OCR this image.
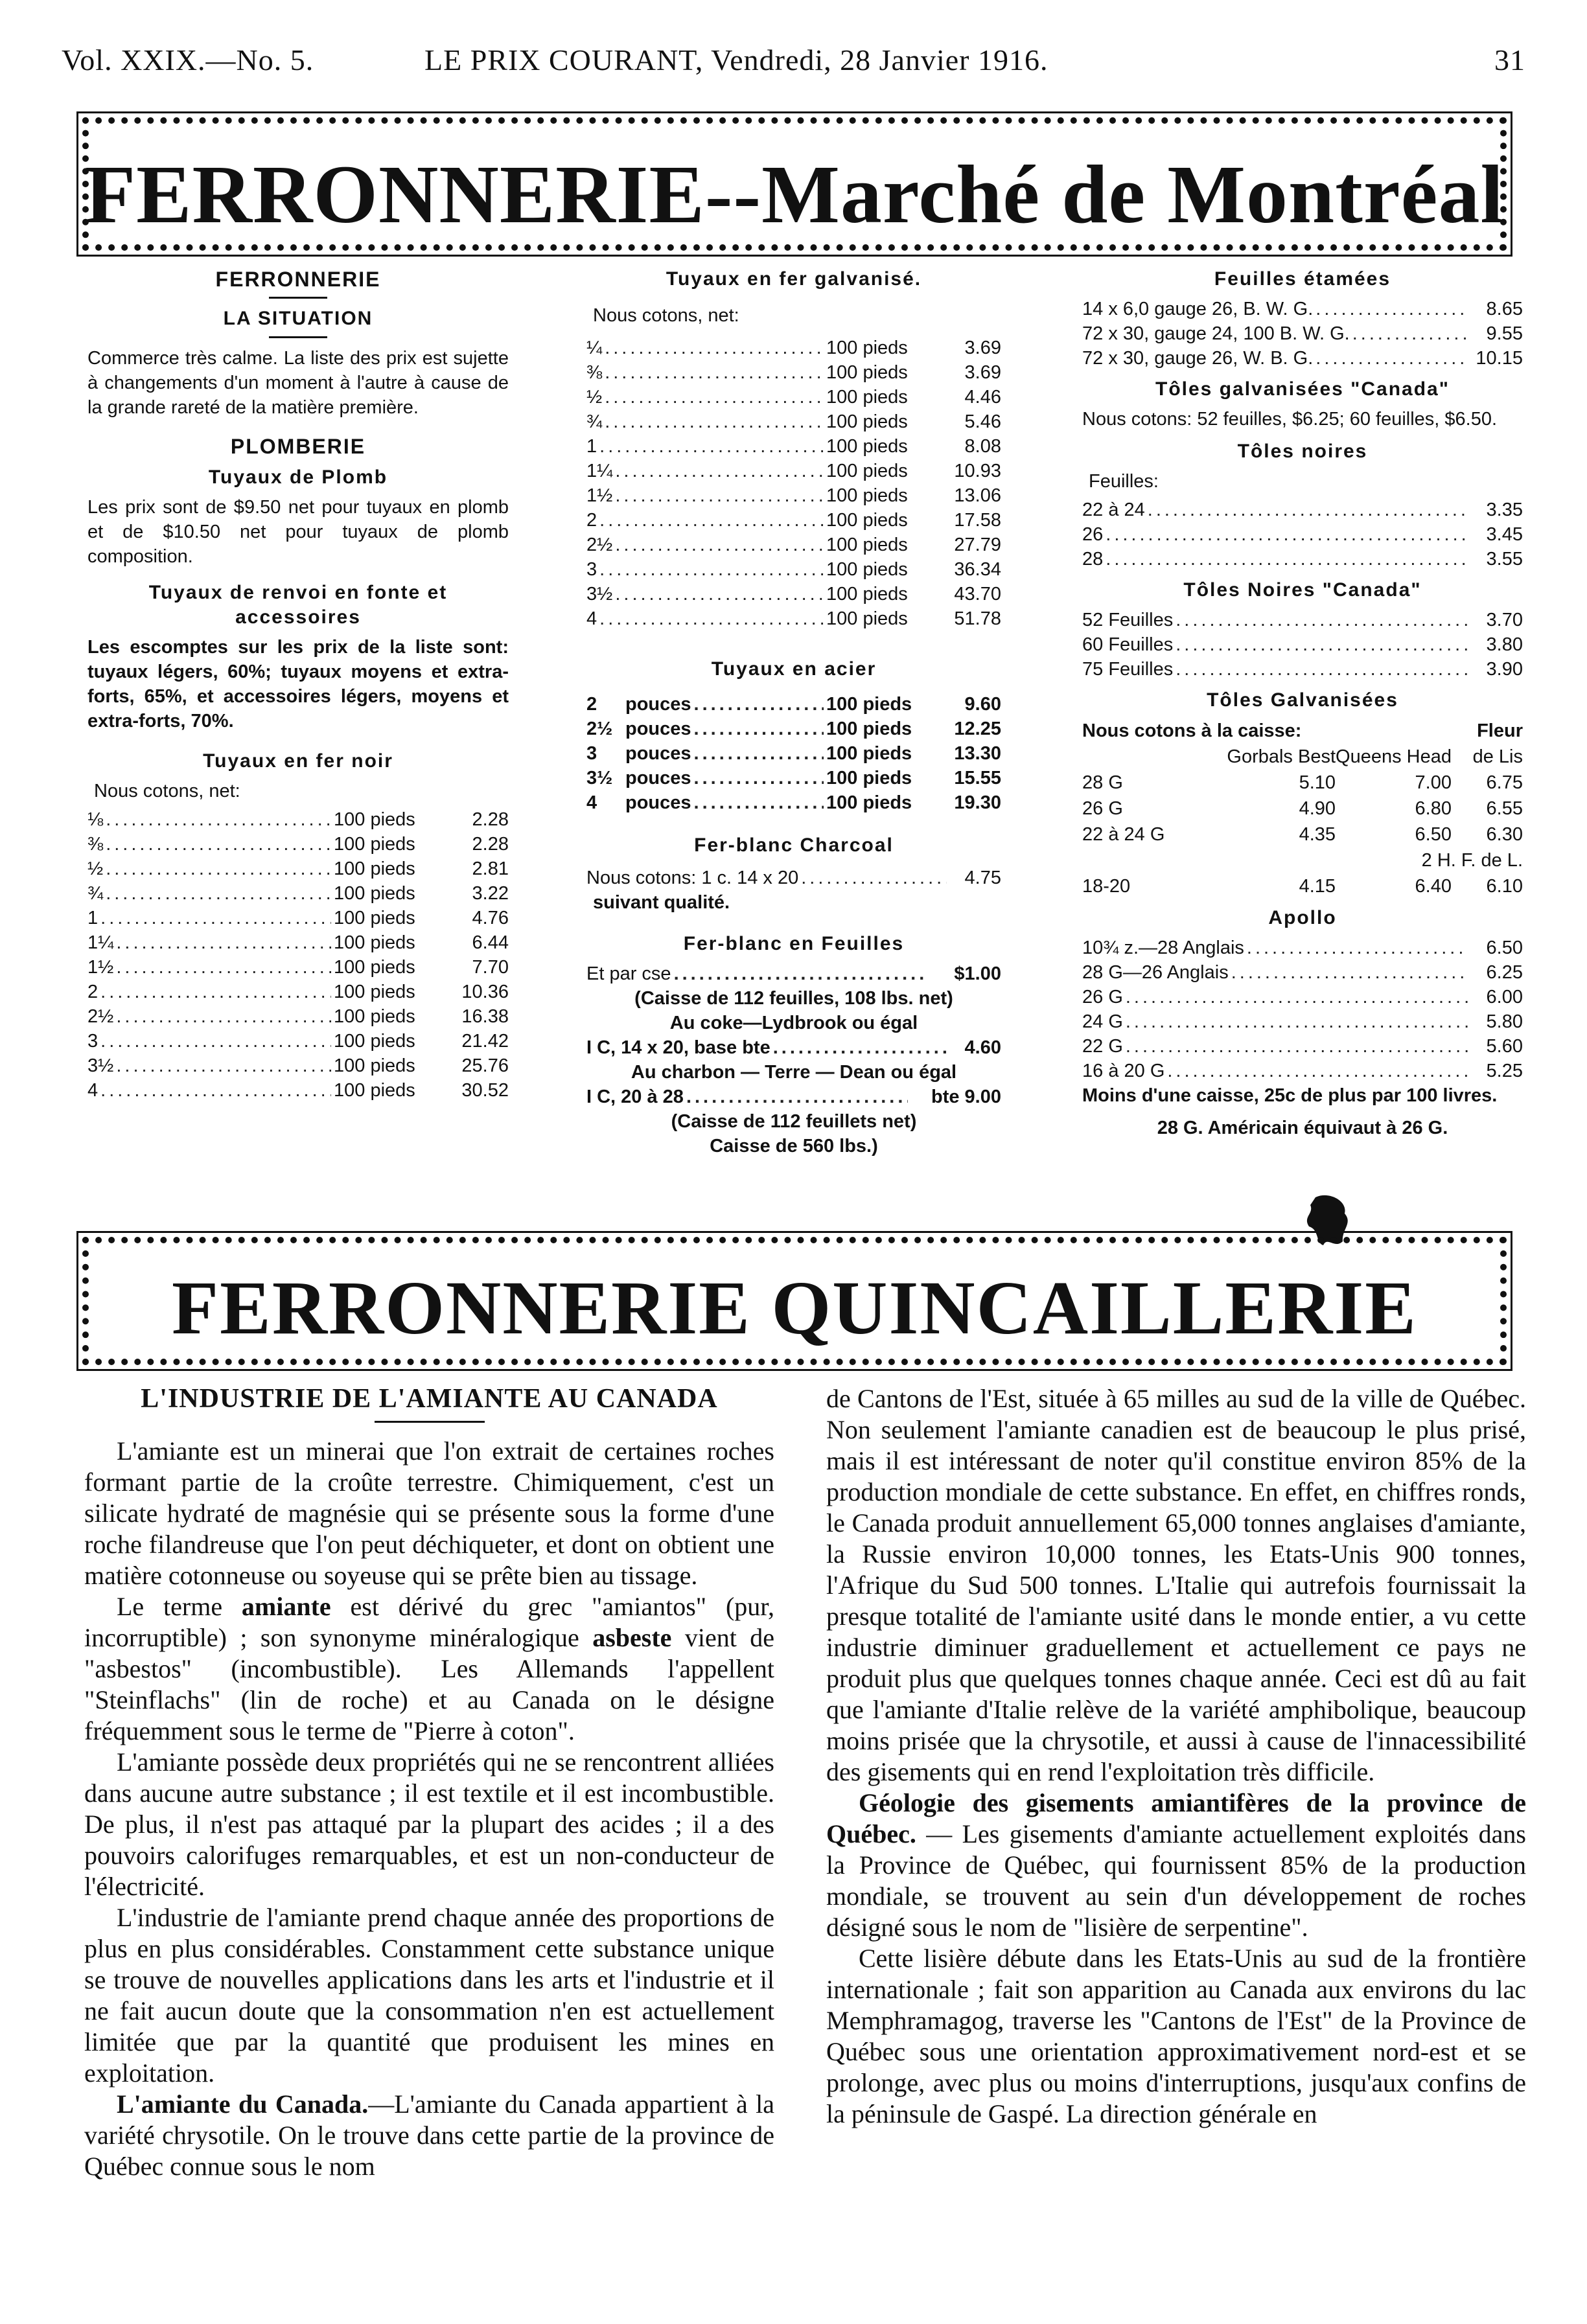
Vol. XXIX.—No. 5.	LE PRIX COURANT, Vendredi, 28 Janvier 1916.	31
FERRONNERIE--Marché de Montréal
FERRONNERIE
LA SITUATION
Commerce très calme. La liste des prix est sujette à changements d'un moment à l'autre à cause de la grande rareté de la matière première.
PLOMBERIE
Tuyaux de Plomb
Les prix sont de $9.50 net pour tuyaux en plomb et de $10.50 net pour tuyaux de plomb composition.
Tuyaux de renvoi en fonte et accessoires
Les escomptes sur les prix de la liste sont: tuyaux légers, 60%; tuyaux moyens et extra-forts, 65%, et accessoires légers, moyens et extra-forts, 70%.
Tuyaux en fer noir
Nous cotons, net:
⅛ .....	100 pieds	2.28
⅜ .....	100 pieds	2.28
½ .....	100 pieds	2.81
¾ .....	100 pieds	3.22
1 .....	100 pieds	4.76
1¼ .....	100 pieds	6.44
1½ .....	100 pieds	7.70
2 .....	100 pieds	10.36
2½ .....	100 pieds	16.38
3 .....	100 pieds	21.42
3½ .....	100 pieds	25.76
4 .....	100 pieds	30.52
Tuyaux en fer galvanisé.
Nous cotons, net:
¼ .....	100 pieds	3.69
⅜ .....	100 pieds	3.69
½ .....	100 pieds	4.46
¾ .....	100 pieds	5.46
1 .....	100 pieds	8.08
1¼ .....	100 pieds	10.93
1½ .....	100 pieds	13.06
2 .....	100 pieds	17.58
2½ .....	100 pieds	27.79
3 .....	100 pieds	36.34
3½ .....	100 pieds	43.70
4 .....	100 pieds	51.78
Tuyaux en acier
2	pouces .....	100 pieds	9.60
2½ pouces .....	100 pieds	12.25
3	pouces .....	100 pieds	13.30
3½ pouces .....	100 pieds	15.55
4	pouces .....	100 pieds	19.30
Fer-blanc Charcoal
Nous cotons: 1 c. 14 x 20 .....	4.75
suivant qualité.
Fer-blanc en Feuilles
Et par cse .....	$1.00
(Caisse de 112 feuilles, 108 lbs. net)
Au coke—Lydbrook ou égal
I C, 14 x 20, base bte .....	4.60
Au charbon — Terre — Dean ou égal
I C, 20 à 28 .....	bte 9.00
(Caisse de 112 feuillets net)
Caisse de 560 lbs.)
Feuilles étamées
14 x 6,0 gauge 26, B. W. G. .....	8.65
72 x 30, gauge 24, 100 B. W. G. .....	9.55
72 x 30, gauge 26, W. B. G. .....	10.15
Tôles galvanisées "Canada"
Nous cotons: 52 feuilles, $6.25; 60 feuilles, $6.50.
Tôles noires
Feuilles:
22 à 24 .....	3.35
26 .....	3.45
28 .....	3.55
Tôles Noires "Canada"
52 Feuilles .....	3.70
60 Feuilles .....	3.80
75 Feuilles .....	3.90
Tôles Galvanisées
Nous cotons à la caisse:			Fleur
	Gorbals Best	Queens Head	de Lis
28 G	5.10	7.00	6.75
26 G	4.90	6.80	6.55
22 à 24 G	4.35	6.50	6.30
2 H. F. de L.			
18-20	4.15	6.40	6.10
Apollo
10¾ z.—28 Anglais .....	6.50
28 G—26 Anglais .....	6.25
26 G .....	6.00
24 G .....	5.80
22 G .....	5.60
16 à 20 G .....	5.25
Moins d'une caisse, 25c de plus par 100 livres.
28 G. Américain équivaut à 26 G.
FERRONNERIE QUINCAILLERIE
L'INDUSTRIE DE L'AMIANTE AU CANADA

L'amiante est un minerai que l'on extrait de certaines roches formant partie de la croûte terrestre. Chimiquement, c'est un silicate hydraté de magnésie qui se présente sous la forme d'une roche filandreuse que l'on peut déchiqueter, et dont on obtient une matière cotonneuse ou soyeuse qui se prête bien au tissage.

Le terme amiante est dérivé du grec "amiantos" (pur, incorruptible) ; son synonyme minéralogique asbeste vient de "asbestos" (incombustible). Les Allemands l'appellent "Steinflachs" (lin de roche) et au Canada on le désigne fréquemment sous le terme de "Pierre à coton".

L'amiante possède deux propriétés qui ne se rencontrent alliées dans aucune autre substance ; il est textile et il est incombustible. De plus, il n'est pas attaqué par la plupart des acides ; il a des pouvoirs calorifuges remarquables, et est un non-conducteur de l'électricité.

L'industrie de l'amiante prend chaque année des proportions de plus en plus considérables. Constamment cette substance unique se trouve de nouvelles applications dans les arts et l'industrie et il ne fait aucun doute que la consommation n'en est actuellement limitée que par la quantité que produisent les mines en exploitation.

L'amiante du Canada.—L'amiante du Canada appartient à la variété chrysotile. On le trouve dans cette partie de la province de Québec connue sous le nom

de Cantons de l'Est, située à 65 milles au sud de la ville de Québec. Non seulement l'amiante canadien est de beaucoup le plus prisé, mais il est intéressant de noter qu'il constitue environ 85% de la production mondiale de cette substance. En effet, en chiffres ronds, le Canada produit annuellement 65,000 tonnes anglaises d'amiante, la Russie environ 10,000 tonnes, les Etats-Unis 900 tonnes, l'Afrique du Sud 500 tonnes. L'Italie qui autrefois fournissait la presque totalité de l'amiante usité dans le monde entier, a vu cette industrie diminuer graduellement et actuellement ce pays ne produit plus que quelques tonnes chaque année. Ceci est dû au fait que l'amiante d'Italie relève de la variété amphibolique, beaucoup moins prisée que la chrysotile, et aussi à cause de l'innacessibilité des gisements qui en rend l'exploitation très difficile.

Géologie des gisements amiantifères de la province de Québec. — Les gisements d'amiante actuellement exploités dans la Province de Québec, qui fournissent 85% de la production mondiale, se trouvent au sein d'un développement de roches désigné sous le nom de "lisière de serpentine".

Cette lisière débute dans les Etats-Unis au sud de la frontière internationale ; fait son apparition au Canada aux environs du lac Memphramagog, traverse les "Cantons de l'Est" de la Province de Québec sous une orientation approximativement nord-est et se prolonge, avec plus ou moins d'interruptions, jusqu'aux confins de la péninsule de Gaspé. La direction générale en
